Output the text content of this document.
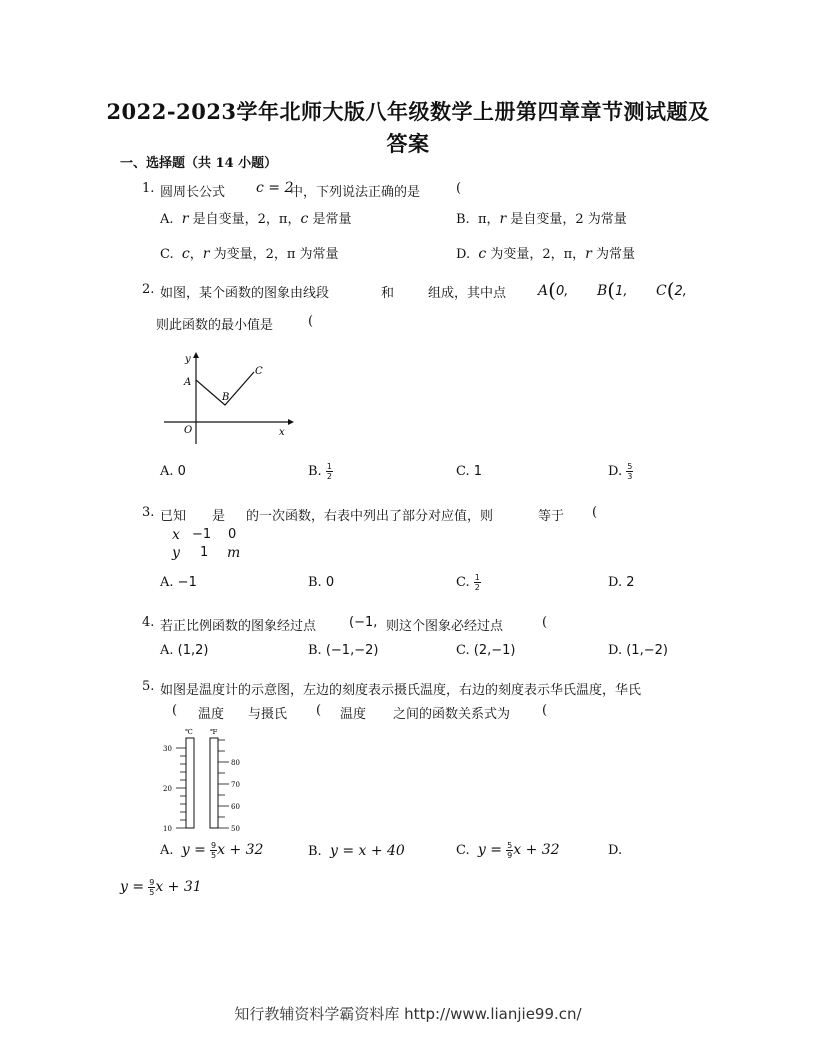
2022-2023学年北师大版八年级数学上册第四章章节测试题及
答案
一、选择题（共 14 小题）
1. 圆周长公式 c = 2
中，下列说法正确的是	(
A. r 是自变量，2，π，c 是常量	B. π，r 是自变量，2 为常量
C. c，r 为变量，2，π 为常量	D. c 为变量，2，π，r 为常量
2. 如图，某个函数的图象由线段	和	组成，其中点 A(0, B(1, C(2,
则此函数的最小值是	(
y
A
B
C
O	x
A. 0	B. $\frac{1}{2}$	C. 1	D. $\frac{5}{3}$
3. 已知 是 的一次函数，右表中列出了部分对应值，则	等于 (
x −1 0
y 1 m
A. −1	B. 0	C. $\frac{1}{2}$	D. 2
4. 若正比例函数的图象经过点	(−1, 则这个图象必经过点	(
A. (1,2)	B. (−1,−2)	C. (2,−1)	D. (1,−2)
5. 如图是温度计的示意图，左边的刻度表示摄氏温度，右边的刻度表示华氏温度，华氏
( 温度 与摄氏 ( 温度 之间的函数关系式为 (
℃ ℉
30
20
10
80
70
60
50
A. $y = \frac{9}{5}$ x + 32	B. y = x + 40	C. $y = \frac{5}{9}$ x + 32	D.
$y = \frac{9}{5}$ x + 31
知行教辅资料学霸资料库 http://www.lianjie99.cn/
